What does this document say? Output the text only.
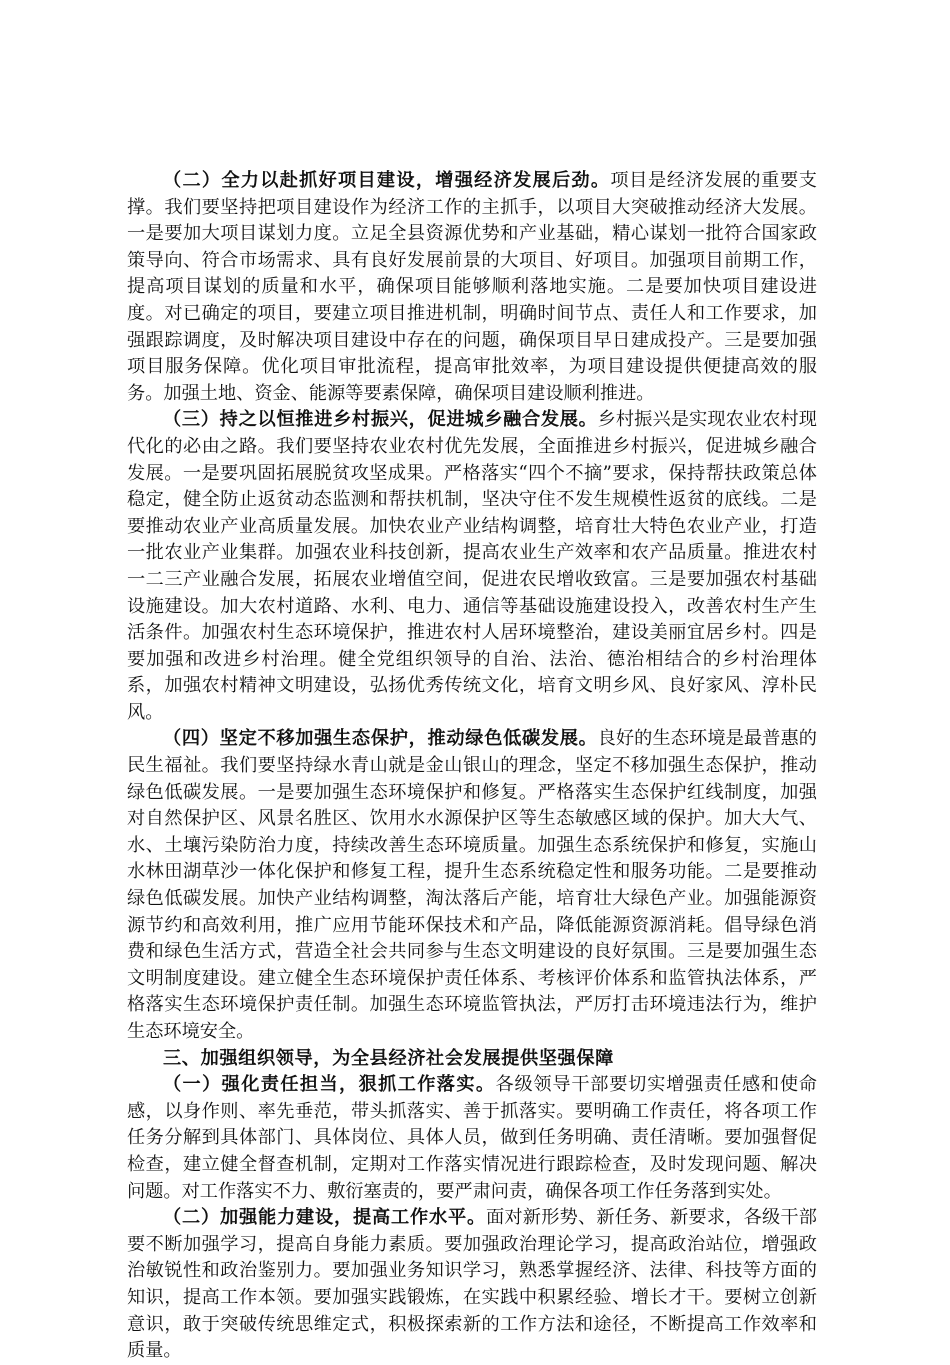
（二）全力以赴抓好项目建设，增强经济发展后劲。项目是经济发展的重要支撑。我们要坚持把项目建设作为经济工作的主抓手，以项目大突破推动经济大发展。一是要加大项目谋划力度。立足全县资源优势和产业基础，精心谋划一批符合国家政策导向、符合市场需求、具有良好发展前景的大项目、好项目。加强项目前期工作，提高项目谋划的质量和水平，确保项目能够顺利落地实施。二是要加快项目建设进度。对已确定的项目，要建立项目推进机制，明确时间节点、责任人和工作要求，加强跟踪调度，及时解决项目建设中存在的问题，确保项目早日建成投产。三是要加强项目服务保障。优化项目审批流程，提高审批效率，为项目建设提供便捷高效的服务。加强土地、资金、能源等要素保障，确保项目建设顺利推进。

（三）持之以恒推进乡村振兴，促进城乡融合发展。乡村振兴是实现农业农村现代化的必由之路。我们要坚持农业农村优先发展，全面推进乡村振兴，促进城乡融合发展。一是要巩固拓展脱贫攻坚成果。严格落实“四个不摘”要求，保持帮扶政策总体稳定，健全防止返贫动态监测和帮扶机制，坚决守住不发生规模性返贫的底线。二是要推动农业产业高质量发展。加快农业产业结构调整，培育壮大特色农业产业，打造一批农业产业集群。加强农业科技创新，提高农业生产效率和农产品质量。推进农村一二三产业融合发展，拓展农业增值空间，促进农民增收致富。三是要加强农村基础设施建设。加大农村道路、水利、电力、通信等基础设施建设投入，改善农村生产生活条件。加强农村生态环境保护，推进农村人居环境整治，建设美丽宜居乡村。四是要加强和改进乡村治理。健全党组织领导的自治、法治、德治相结合的乡村治理体系，加强农村精神文明建设，弘扬优秀传统文化，培育文明乡风、良好家风、淳朴民风。

（四）坚定不移加强生态保护，推动绿色低碳发展。良好的生态环境是最普惠的民生福祉。我们要坚持绿水青山就是金山银山的理念，坚定不移加强生态保护，推动绿色低碳发展。一是要加强生态环境保护和修复。严格落实生态保护红线制度，加强对自然保护区、风景名胜区、饮用水水源保护区等生态敏感区域的保护。加大大气、水、土壤污染防治力度，持续改善生态环境质量。加强生态系统保护和修复，实施山水林田湖草沙一体化保护和修复工程，提升生态系统稳定性和服务功能。二是要推动绿色低碳发展。加快产业结构调整，淘汰落后产能，培育壮大绿色产业。加强能源资源节约和高效利用，推广应用节能环保技术和产品，降低能源资源消耗。倡导绿色消费和绿色生活方式，营造全社会共同参与生态文明建设的良好氛围。三是要加强生态文明制度建设。建立健全生态环境保护责任体系、考核评价体系和监管执法体系，严格落实生态环境保护责任制。加强生态环境监管执法，严厉打击环境违法行为，维护生态环境安全。

三、加强组织领导，为全县经济社会发展提供坚强保障

（一）强化责任担当，狠抓工作落实。各级领导干部要切实增强责任感和使命感，以身作则、率先垂范，带头抓落实、善于抓落实。要明确工作责任，将各项工作任务分解到具体部门、具体岗位、具体人员，做到任务明确、责任清晰。要加强督促检查，建立健全督查机制，定期对工作落实情况进行跟踪检查，及时发现问题、解决问题。对工作落实不力、敷衍塞责的，要严肃问责，确保各项工作任务落到实处。

（二）加强能力建设，提高工作水平。面对新形势、新任务、新要求，各级干部要不断加强学习，提高自身能力素质。要加强政治理论学习，提高政治站位，增强政治敏锐性和政治鉴别力。要加强业务知识学习，熟悉掌握经济、法律、科技等方面的知识，提高工作本领。要加强实践锻炼，在实践中积累经验、增长才干。要树立创新意识，敢于突破传统思维定式，积极探索新的工作方法和途径，不断提高工作效率和质量。
